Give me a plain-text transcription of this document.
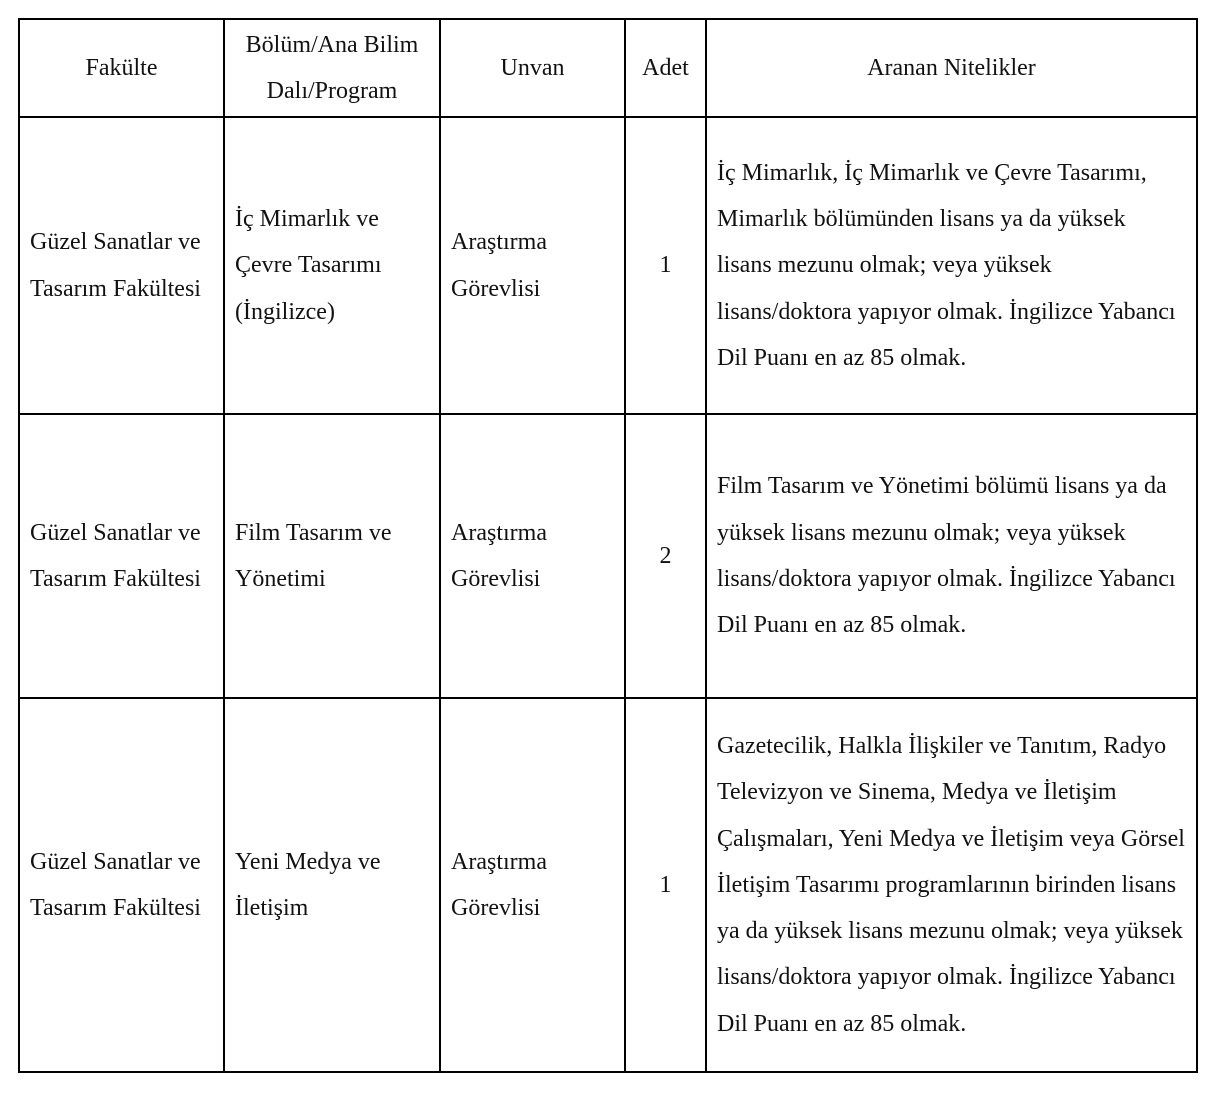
Fakülte	Bölüm/Ana Bilim Dalı/Program	Unvan	Adet	Aranan Nitelikler
Güzel Sanatlar ve Tasarım Fakültesi	İç Mimarlık ve Çevre Tasarımı (İngilizce)	Araştırma Görevlisi	1	İç Mimarlık, İç Mimarlık ve Çevre Tasarımı, Mimarlık bölümünden lisans ya da yüksek lisans mezunu olmak; veya yüksek lisans/doktora yapıyor olmak. İngilizce Yabancı Dil Puanı en az 85 olmak.
Güzel Sanatlar ve Tasarım Fakültesi	Film Tasarım ve Yönetimi	Araştırma Görevlisi	2	Film Tasarım ve Yönetimi bölümü lisans ya da yüksek lisans mezunu olmak; veya yüksek lisans/doktora yapıyor olmak. İngilizce Yabancı Dil Puanı en az 85 olmak.
Güzel Sanatlar ve Tasarım Fakültesi	Yeni Medya ve İletişim	Araştırma Görevlisi	1	Gazetecilik, Halkla İlişkiler ve Tanıtım, Radyo Televizyon ve Sinema, Medya ve İletişim Çalışmaları, Yeni Medya ve İletişim veya Görsel İletişim Tasarımı programlarının birinden lisans ya da yüksek lisans mezunu olmak; veya yüksek lisans/doktora yapıyor olmak. İngilizce Yabancı Dil Puanı en az 85 olmak.
